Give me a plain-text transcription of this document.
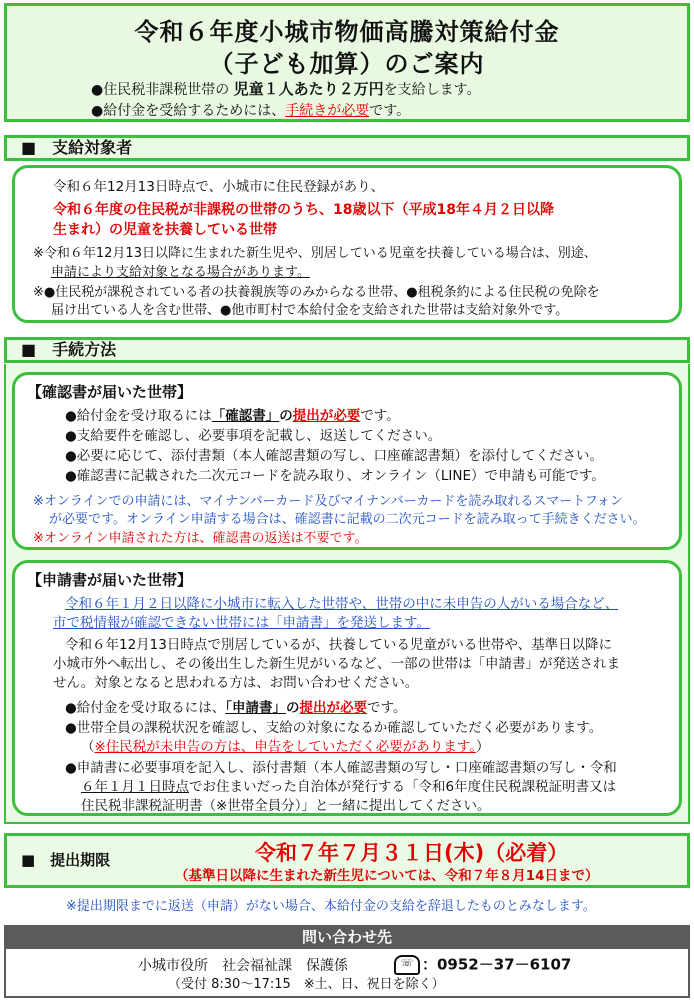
令和６年度小城市物価高騰対策給付金
（子ども加算）のご案内
●住民税非課税世帯の 児童１人あたり２万円を支給します。
●給付金を受給するためには、手続きが必要です。
■　支給対象者
令和６年12月13日時点で、小城市に住民登録があり、
令和６年度の住民税が非課税の世帯のうち、18歳以下（平成18年４月２日以降
生まれ）の児童を扶養している世帯
※令和６年12月13日以降に生まれた新生児や、別居している児童を扶養している場合は、別途、
申請により支給対象となる場合があります。
※●住民税が課税されている者の扶養親族等のみからなる世帯、●租税条約による住民税の免除を
届け出ている人を含む世帯、●他市町村で本給付金を支給された世帯は支給対象外です。
■　手続方法
【確認書が届いた世帯】
●給付金を受け取るには「確認書」の提出が必要です。
●支給要件を確認し、必要事項を記載し、返送してください。
●必要に応じて、添付書類（本人確認書類の写し、口座確認書類）を添付してください。
●確認書に記載された二次元コードを読み取り、オンライン（LINE）で申請も可能です。
※オンラインでの申請には、マイナンバーカード及びマイナンバーカードを読み取れるスマートフォン
が必要です。オンライン申請する場合は、確認書に記載の二次元コードを読み取って手続きください。
※オンライン申請された方は、確認書の返送は不要です。
【申請書が届いた世帯】
令和６年１月２日以降に小城市に転入した世帯や、世帯の中に未申告の人がいる場合など、
市で税情報が確認できない世帯には「申請書」を発送します。
令和６年12月13日時点で別居しているが、扶養している児童がいる世帯や、基準日以降に
小城市外へ転出し、その後出生した新生児がいるなど、一部の世帯は「申請書」が発送されま
せん。対象となると思われる方は、お問い合わせください。
●給付金を受け取るには、「申請書」の提出が必要です。
●世帯全員の課税状況を確認し、支給の対象になるか確認していただく必要があります。
（※住民税が未申告の方は、申告をしていただく必要があります。）
●申請書に必要事項を記入し、添付書類（本人確認書類の写し・口座確認書類の写し・令和
６年１月１日時点でお住まいだった自治体が発行する「令和6年度住民税課税証明書又は
住民税非課税証明書（※世帯全員分）」と一緒に提出してください。
■　提出期限	令和７年７月３１日(木)（必着）
（基準日以降に生まれた新生児については、令和７年８月14日まで）
※提出期限までに返送（申請）がない場合、本給付金の支給を辞退したものとみなします。
問い合わせ先
小城市役所　社会福祉課　保護係	☏ ：0952－37－6107
（受付 8:30～17:15　※土、日、祝日を除く）
